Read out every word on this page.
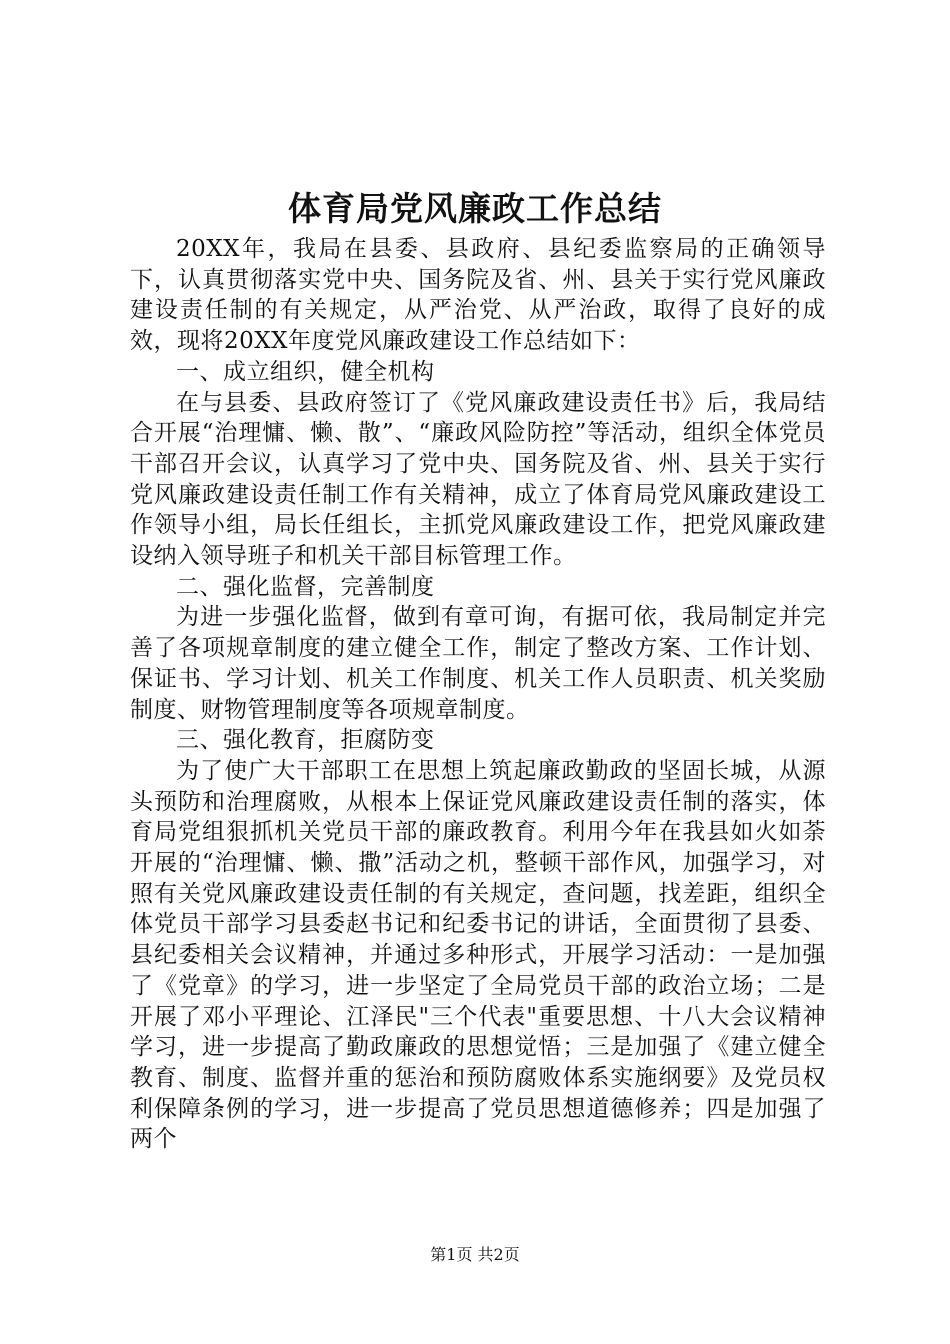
体育局党风廉政工作总结

20XX年，我局在县委、县政府、县纪委监察局的正确领导下，认真贯彻落实党中央、国务院及省、州、县关于实行党风廉政建设责任制的有关规定，从严治党、从严治政，取得了良好的成效，现将20XX年度党风廉政建设工作总结如下：

一、成立组织，健全机构

在与县委、县政府签订了《党风廉政建设责任书》后，我局结合开展“治理慵、懒、散”、“廉政风险防控”等活动，组织全体党员干部召开会议，认真学习了党中央、国务院及省、州、县关于实行党风廉政建设责任制工作有关精神，成立了体育局党风廉政建设工作领导小组，局长任组长，主抓党风廉政建设工作，把党风廉政建设纳入领导班子和机关干部目标管理工作。

二、强化监督，完善制度

为进一步强化监督，做到有章可询，有据可依，我局制定并完善了各项规章制度的建立健全工作，制定了整改方案、工作计划、保证书、学习计划、机关工作制度、机关工作人员职责、机关奖励制度、财物管理制度等各项规章制度。

三、强化教育，拒腐防变

为了使广大干部职工在思想上筑起廉政勤政的坚固长城，从源头预防和治理腐败，从根本上保证党风廉政建设责任制的落实，体育局党组狠抓机关党员干部的廉政教育。利用今年在我县如火如荼开展的“治理慵、懒、撒”活动之机，整顿干部作风，加强学习，对照有关党风廉政建设责任制的有关规定，查问题，找差距，组织全体党员干部学习县委赵书记和纪委书记的讲话，全面贯彻了县委、县纪委相关会议精神，并通过多种形式，开展学习活动：一是加强了《党章》的学习，进一步坚定了全局党员干部的政治立场；二是开展了邓小平理论、江泽民"三个代表"重要思想、十八大会议精神学习，进一步提高了勤政廉政的思想觉悟；三是加强了《建立健全教育、制度、监督并重的惩治和预防腐败体系实施纲要》及党员权利保障条例的学习，进一步提高了党员思想道德修养；四是加强了两个

第1页 共2页
